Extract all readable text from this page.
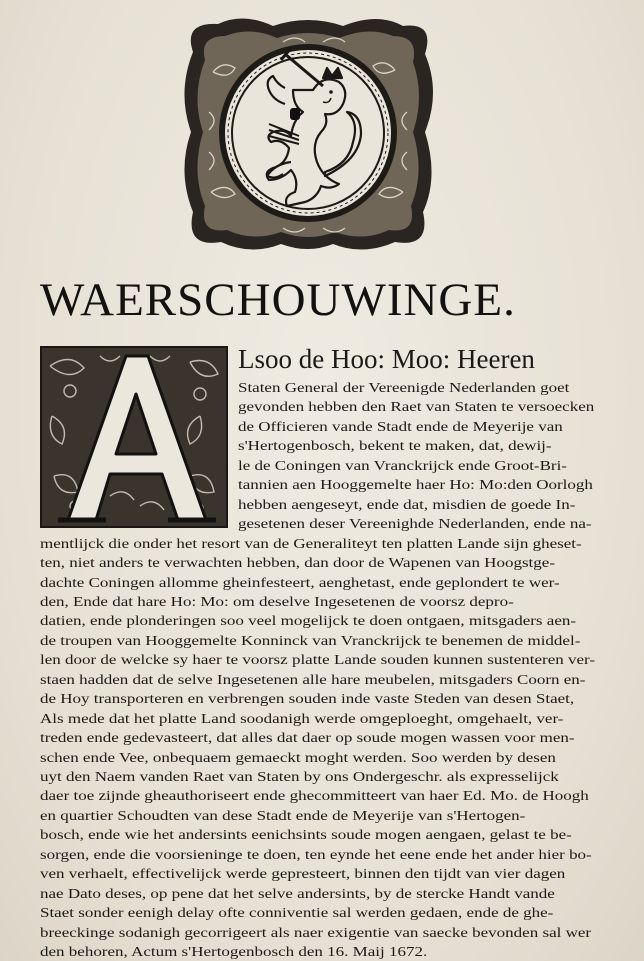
WAERSCHOUWINGE.
Lsoo de Hoo: Moo: Heeren
Staten General der Vereenigde Nederlanden goet
gevonden hebben den Raet van Staten te versoecken
de Officieren vande Stadt ende de Meyerije van
s'Hertogenbosch, bekent te maken, dat, dewij-
le de Coningen van Vranckrijck ende Groot-Bri-
tannien aen Hooggemelte haer Ho: Mo:den Oorlogh
hebben aengeseyt, ende dat, misdien de goede In-
gesetenen deser Vereenighde Nederlanden, ende na-
mentlijck die onder het resort van de Generaliteyt ten platten Lande sijn gheset-
ten, niet anders te verwachten hebben, dan door de Wapenen van Hoogstge-
dachte Coningen allomme gheinfesteert, aenghetast, ende geplondert te wer-
den, Ende dat hare Ho: Mo: om deselve Ingesetenen de voorsz depro-
datien, ende plonderingen soo veel mogelijck te doen ontgaen, mitsgaders aen-
de troupen van Hooggemelte Konninck van Vranckrijck te benemen de middel-
len door de welcke sy haer te voorsz platte Lande souden kunnen sustenteren ver-
staen hadden dat de selve Ingesetenen alle hare meubelen, mitsgaders Coorn en-
de Hoy transporteren en verbrengen souden inde vaste Steden van desen Staet,
Als mede dat het platte Land soodanigh werde omgeploeght, omgehaelt, ver-
treden ende gedevasteert, dat alles dat daer op soude mogen wassen voor men-
schen ende Vee, onbequaem gemaeckt moght werden. Soo werden by desen
uyt den Naem vanden Raet van Staten by ons Ondergeschr. als expresselijck
daer toe zijnde gheauthoriseert ende ghecommitteert van haer Ed. Mo. de Hoogh
en quartier Schoudten van dese Stadt ende de Meyerije van s'Hertogen-
bosch, ende wie het andersints eenichsints soude mogen aengaen, gelast te be-
sorgen, ende die voorsieninge te doen, ten eynde het eene ende het ander hier bo-
ven verhaelt, effectivelijck werde gepresteert, binnen den tijdt van vier dagen
nae Dato deses, op pene dat het selve andersints, by de stercke Handt vande
Staet sonder eenigh delay ofte conniventie sal werden gedaen, ende de ghe-
breeckinge sodanigh gecorrigeert als naer exigentie van saecke bevonden sal wer
den behoren, Actum s'Hertogenbosch den 16. Maij 1672.
